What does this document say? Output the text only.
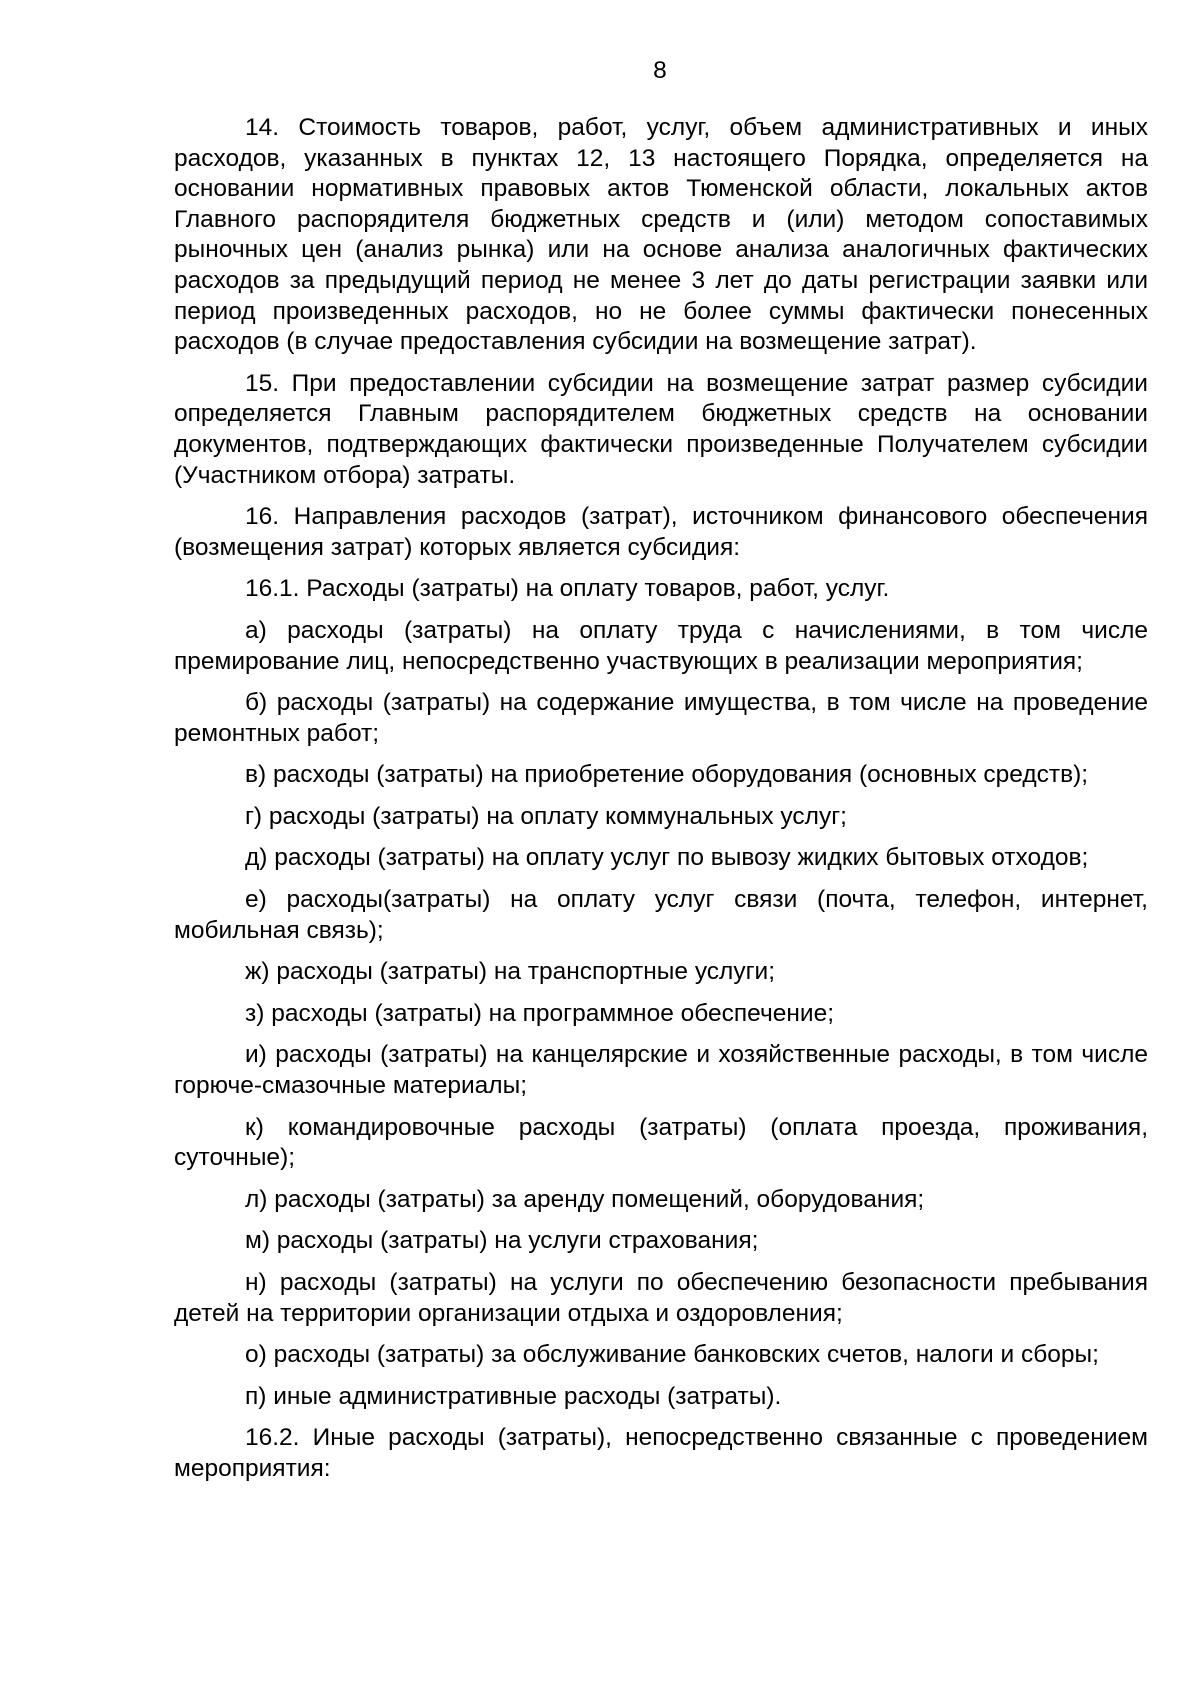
8

14. Стоимость товаров, работ, услуг, объем административных и иных расходов, указанных в пунктах 12, 13 настоящего Порядка, определяется на основании нормативных правовых актов Тюменской области, локальных актов Главного распорядителя бюджетных средств и (или) методом сопоставимых рыночных цен (анализ рынка) или на основе анализа аналогичных фактических расходов за предыдущий период не менее 3 лет до даты регистрации заявки или период произведенных расходов, но не более суммы фактически понесенных расходов (в случае предоставления субсидии на возмещение затрат).

15. При предоставлении субсидии на возмещение затрат размер субсидии определяется Главным распорядителем бюджетных средств на основании документов, подтверждающих фактически произведенные Получателем субсидии (Участником отбора) затраты.

16. Направления расходов (затрат), источником финансового обеспечения (возмещения затрат) которых является субсидия:

16.1. Расходы (затраты) на оплату товаров, работ, услуг.

а) расходы (затраты) на оплату труда с начислениями, в том числе премирование лиц, непосредственно участвующих в реализации мероприятия;

б) расходы (затраты) на содержание имущества, в том числе на проведение ремонтных работ;

в) расходы (затраты) на приобретение оборудования (основных средств);

г) расходы (затраты) на оплату коммунальных услуг;

д) расходы (затраты) на оплату услуг по вывозу жидких бытовых отходов;

е) расходы(затраты) на оплату услуг связи (почта, телефон, интернет, мобильная связь);

ж) расходы (затраты) на транспортные услуги;

з) расходы (затраты) на программное обеспечение;

и) расходы (затраты) на канцелярские и хозяйственные расходы, в том числе горюче-смазочные материалы;

к) командировочные расходы (затраты) (оплата проезда, проживания, суточные);

л) расходы (затраты) за аренду помещений, оборудования;

м) расходы (затраты) на услуги страхования;

н) расходы (затраты) на услуги по обеспечению безопасности пребывания детей на территории организации отдыха и оздоровления;

о) расходы (затраты) за обслуживание банковских счетов, налоги и сборы;

п) иные административные расходы (затраты).

16.2. Иные расходы (затраты), непосредственно связанные с проведением мероприятия:
